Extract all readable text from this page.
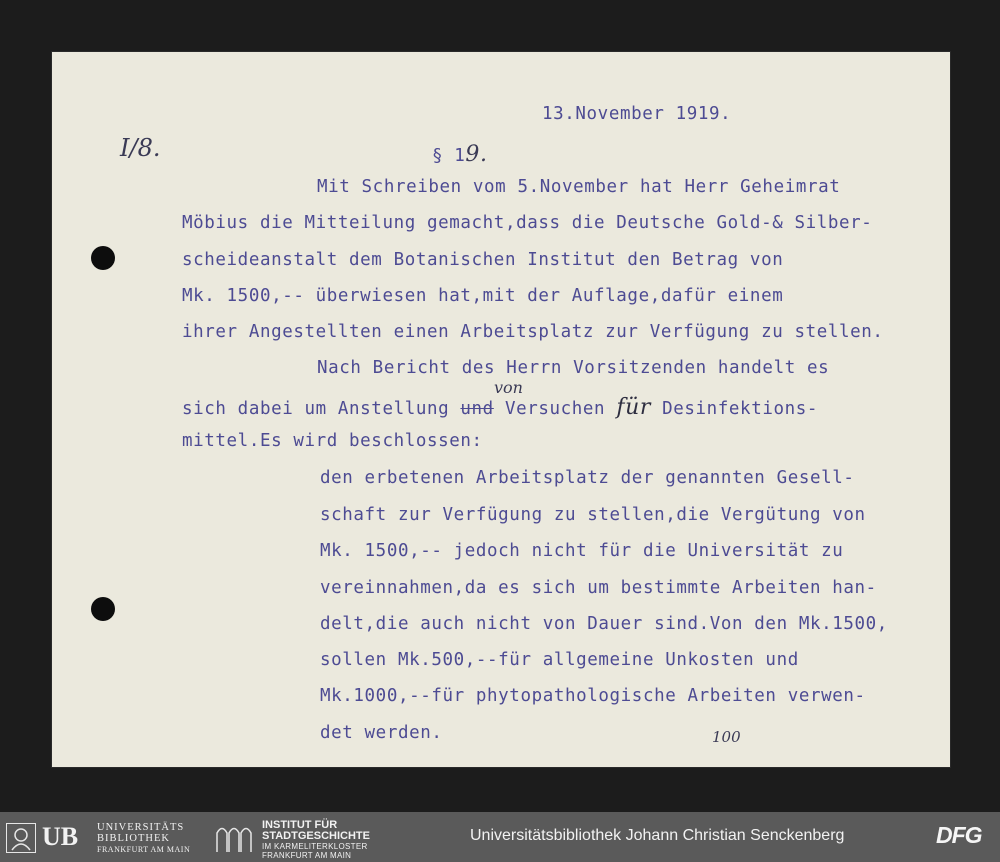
I/8.
13.November 1919.
§ 19.
Mit Schreiben vom 5.November hat Herr Geheimrat
Möbius die Mitteilung gemacht,dass die Deutsche Gold-& Silber-
scheideanstalt dem Botanischen Institut den Betrag von
Mk. 1500,-- überwiesen hat,mit der Auflage,dafür einem
ihrer Angestellten einen Arbeitsplatz zur Verfügung zu stellen.
Nach Bericht des Herrn Vorsitzenden handelt es
sich dabei um Anstellung und Versuchen für Desinfektions-
von
mittel.Es wird beschlossen:
den erbetenen Arbeitsplatz der genannten Gesell-
schaft zur Verfügung zu stellen,die Vergütung von
Mk. 1500,-- jedoch nicht für die Universität zu
vereinnahmen,da es sich um bestimmte Arbeiten han-
delt,die auch nicht von Dauer sind.Von den Mk.1500,
sollen Mk.500,--für allgemeine Unkosten und
Mk.1000,--für phytopathologische Arbeiten verwen-
det werden.	100
UB UNIVERSITÄTS
BIBLIOTHEK
FRANKFURT AM MAIN
INSTITUT FÜR
STADTGESCHICHTE
IM KARMELITERKLOSTER
FRANKFURT AM MAIN
Universitätsbibliothek Johann Christian Senckenberg	DFG
